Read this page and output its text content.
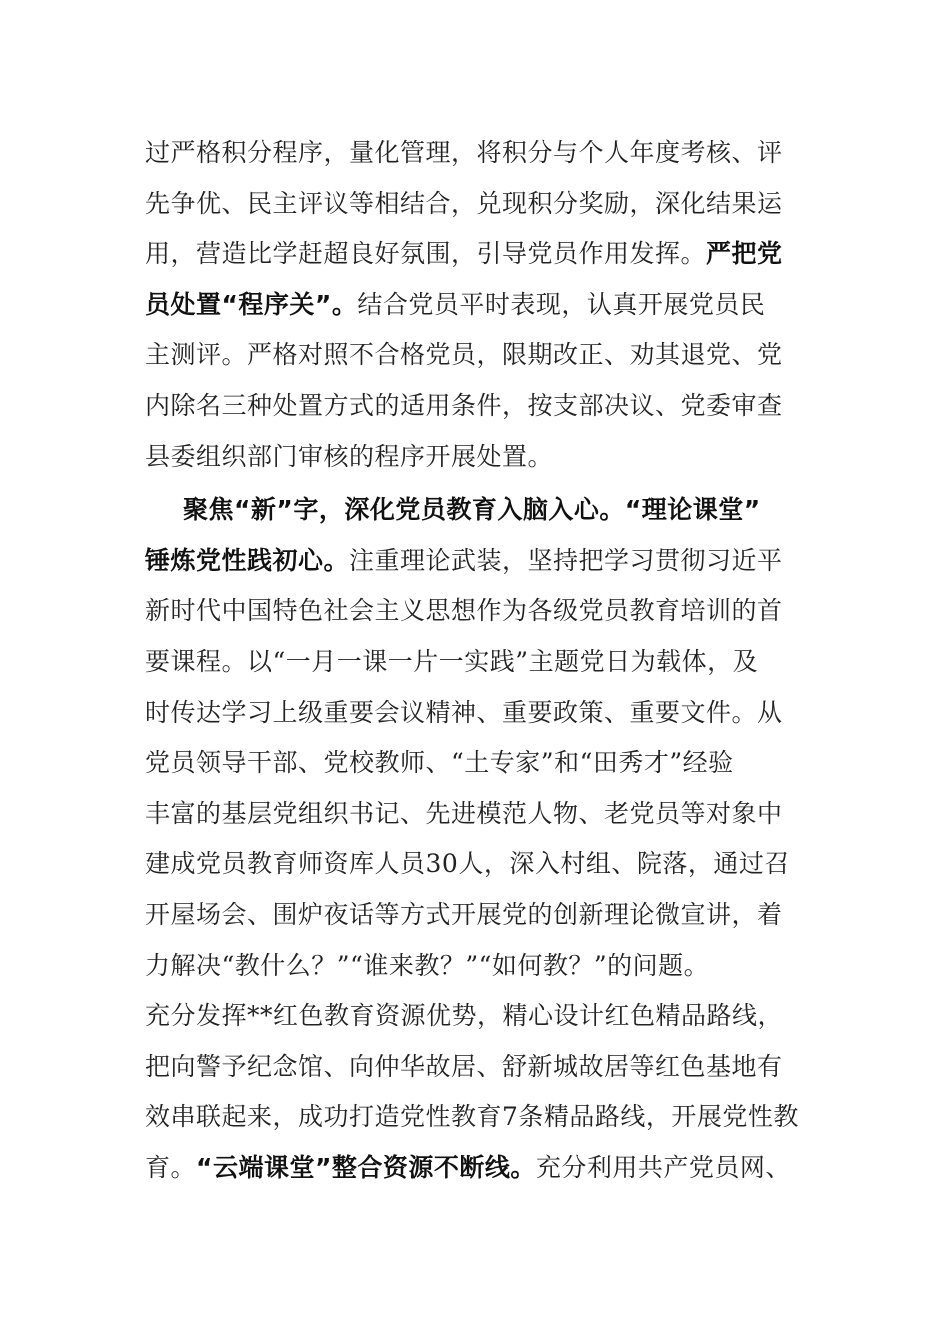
过严格积分程序，量化管理，将积分与个人年度考核、评
先争优、民主评议等相结合，兑现积分奖励，深化结果运
用，营造比学赶超良好氛围，引导党员作用发挥。严把党
员处置“程序关”。结合党员平时表现，认真开展党员民
主测评。严格对照不合格党员，限期改正、劝其退党、党
内除名三种处置方式的适用条件，按支部决议、党委审查
县委组织部门审核的程序开展处置。
聚焦“新”字，深化党员教育入脑入心。“理论课堂”
锤炼党性践初心。注重理论武装，坚持把学习贯彻习近平
新时代中国特色社会主义思想作为各级党员教育培训的首
要课程。以“一月一课一片一实践”主题党日为载体，及
时传达学习上级重要会议精神、重要政策、重要文件。从
党员领导干部、党校教师、“土专家”和“田秀才”经验
丰富的基层党组织书记、先进模范人物、老党员等对象中
建成党员教育师资库人员30人，深入村组、院落，通过召
开屋场会、围炉夜话等方式开展党的创新理论微宣讲，着
力解决“教什么？”“谁来教？”“如何教？”的问题。
充分发挥**红色教育资源优势，精心设计红色精品路线，
把向警予纪念馆、向仲华故居、舒新城故居等红色基地有
效串联起来，成功打造党性教育7条精品路线，开展党性教
育。“云端课堂”整合资源不断线。充分利用共产党员网、
